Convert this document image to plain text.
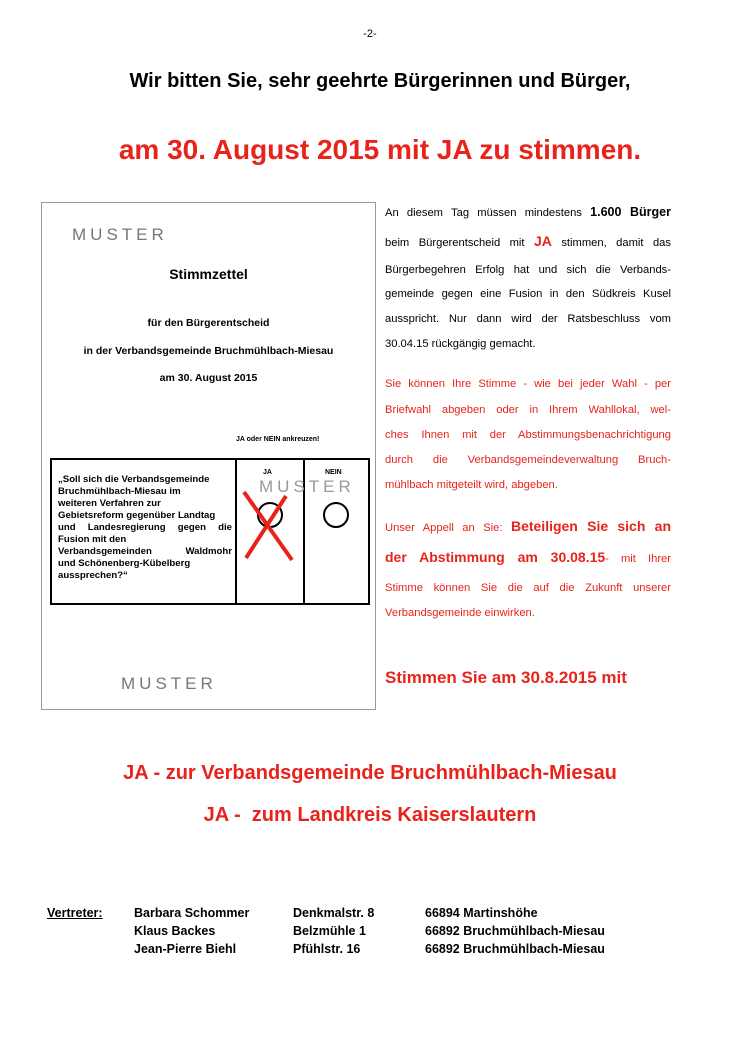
-2-
Wir bitten Sie, sehr geehrte Bürgerinnen und Bürger,
am 30. August 2015 mit JA zu stimmen.
MUSTER
Stimmzettel
für den Bürgerentscheid
in der Verbandsgemeinde Bruchmühlbach-Miesau
am 30. August 2015
JA oder NEIN ankreuzen!
„Soll sich die Verbandsgemeinde
Bruchmühlbach-Miesau im
weiteren Verfahren zur
Gebietsreform gegenüber Landtag
und Landesregierung gegen die
Fusion mit den
Verbandsgemeinden Waldmohr
und Schönenberg-Kübelberg
aussprechen?“
JA	NEIN
MUSTER
MUSTER
An diesem Tag müssen mindestens 1.600 Bürger
beim Bürgerentscheid mit JA stimmen, damit das
Bürgerbegehren Erfolg hat und sich die Verbands-
gemeinde gegen eine Fusion in den Südkreis Kusel
ausspricht. Nur dann wird der Ratsbeschluss vom
30.04.15 rückgängig gemacht.
Sie können Ihre Stimme - wie bei jeder Wahl - per
Briefwahl abgeben oder in Ihrem Wahllokal, wel-
ches Ihnen mit der Abstimmungsbenachrichtigung
durch die Verbandsgemeindeverwaltung Bruch-
mühlbach mitgeteilt wird, abgeben.
Unser Appell an Sie: Beteiligen Sie sich an
der Abstimmung am 30.08.15- mit Ihrer
Stimme können Sie die auf die Zukunft unserer
Verbandsgemeinde einwirken.
Stimmen Sie am 30.8.2015 mit
JA - zur Verbandsgemeinde Bruchmühlbach-Miesau
JA -  zum Landkreis Kaiserslautern
Vertreter:	Barbara Schommer	Denkmalstr. 8	66894 Martinshöhe
Klaus Backes	Belzmühle 1	66892 Bruchmühlbach-Miesau
Jean-Pierre Biehl	Pfühlstr. 16	66892 Bruchmühlbach-Miesau
